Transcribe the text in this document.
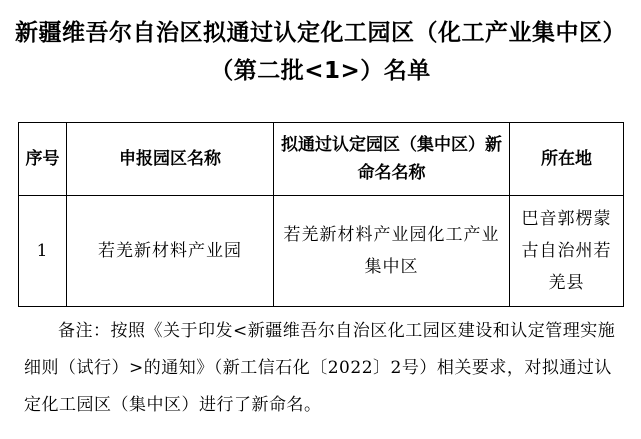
新疆维吾尔自治区拟通过认定化工园区（化工产业集中区）（第二批<1>）名单
序号	申报园区名称	拟通过认定园区（集中区）新命名名称	所在地
1	若羌新材料产业园	若羌新材料产业园化工产业集中区	巴音郭楞蒙古自治州若羌县
备注：按照《关于印发<新疆维吾尔自治区化工园区建设和认定管理实施细则（试行）>的通知》（新工信石化〔2022〕2号）相关要求，对拟通过认定化工园区（集中区）进行了新命名。
